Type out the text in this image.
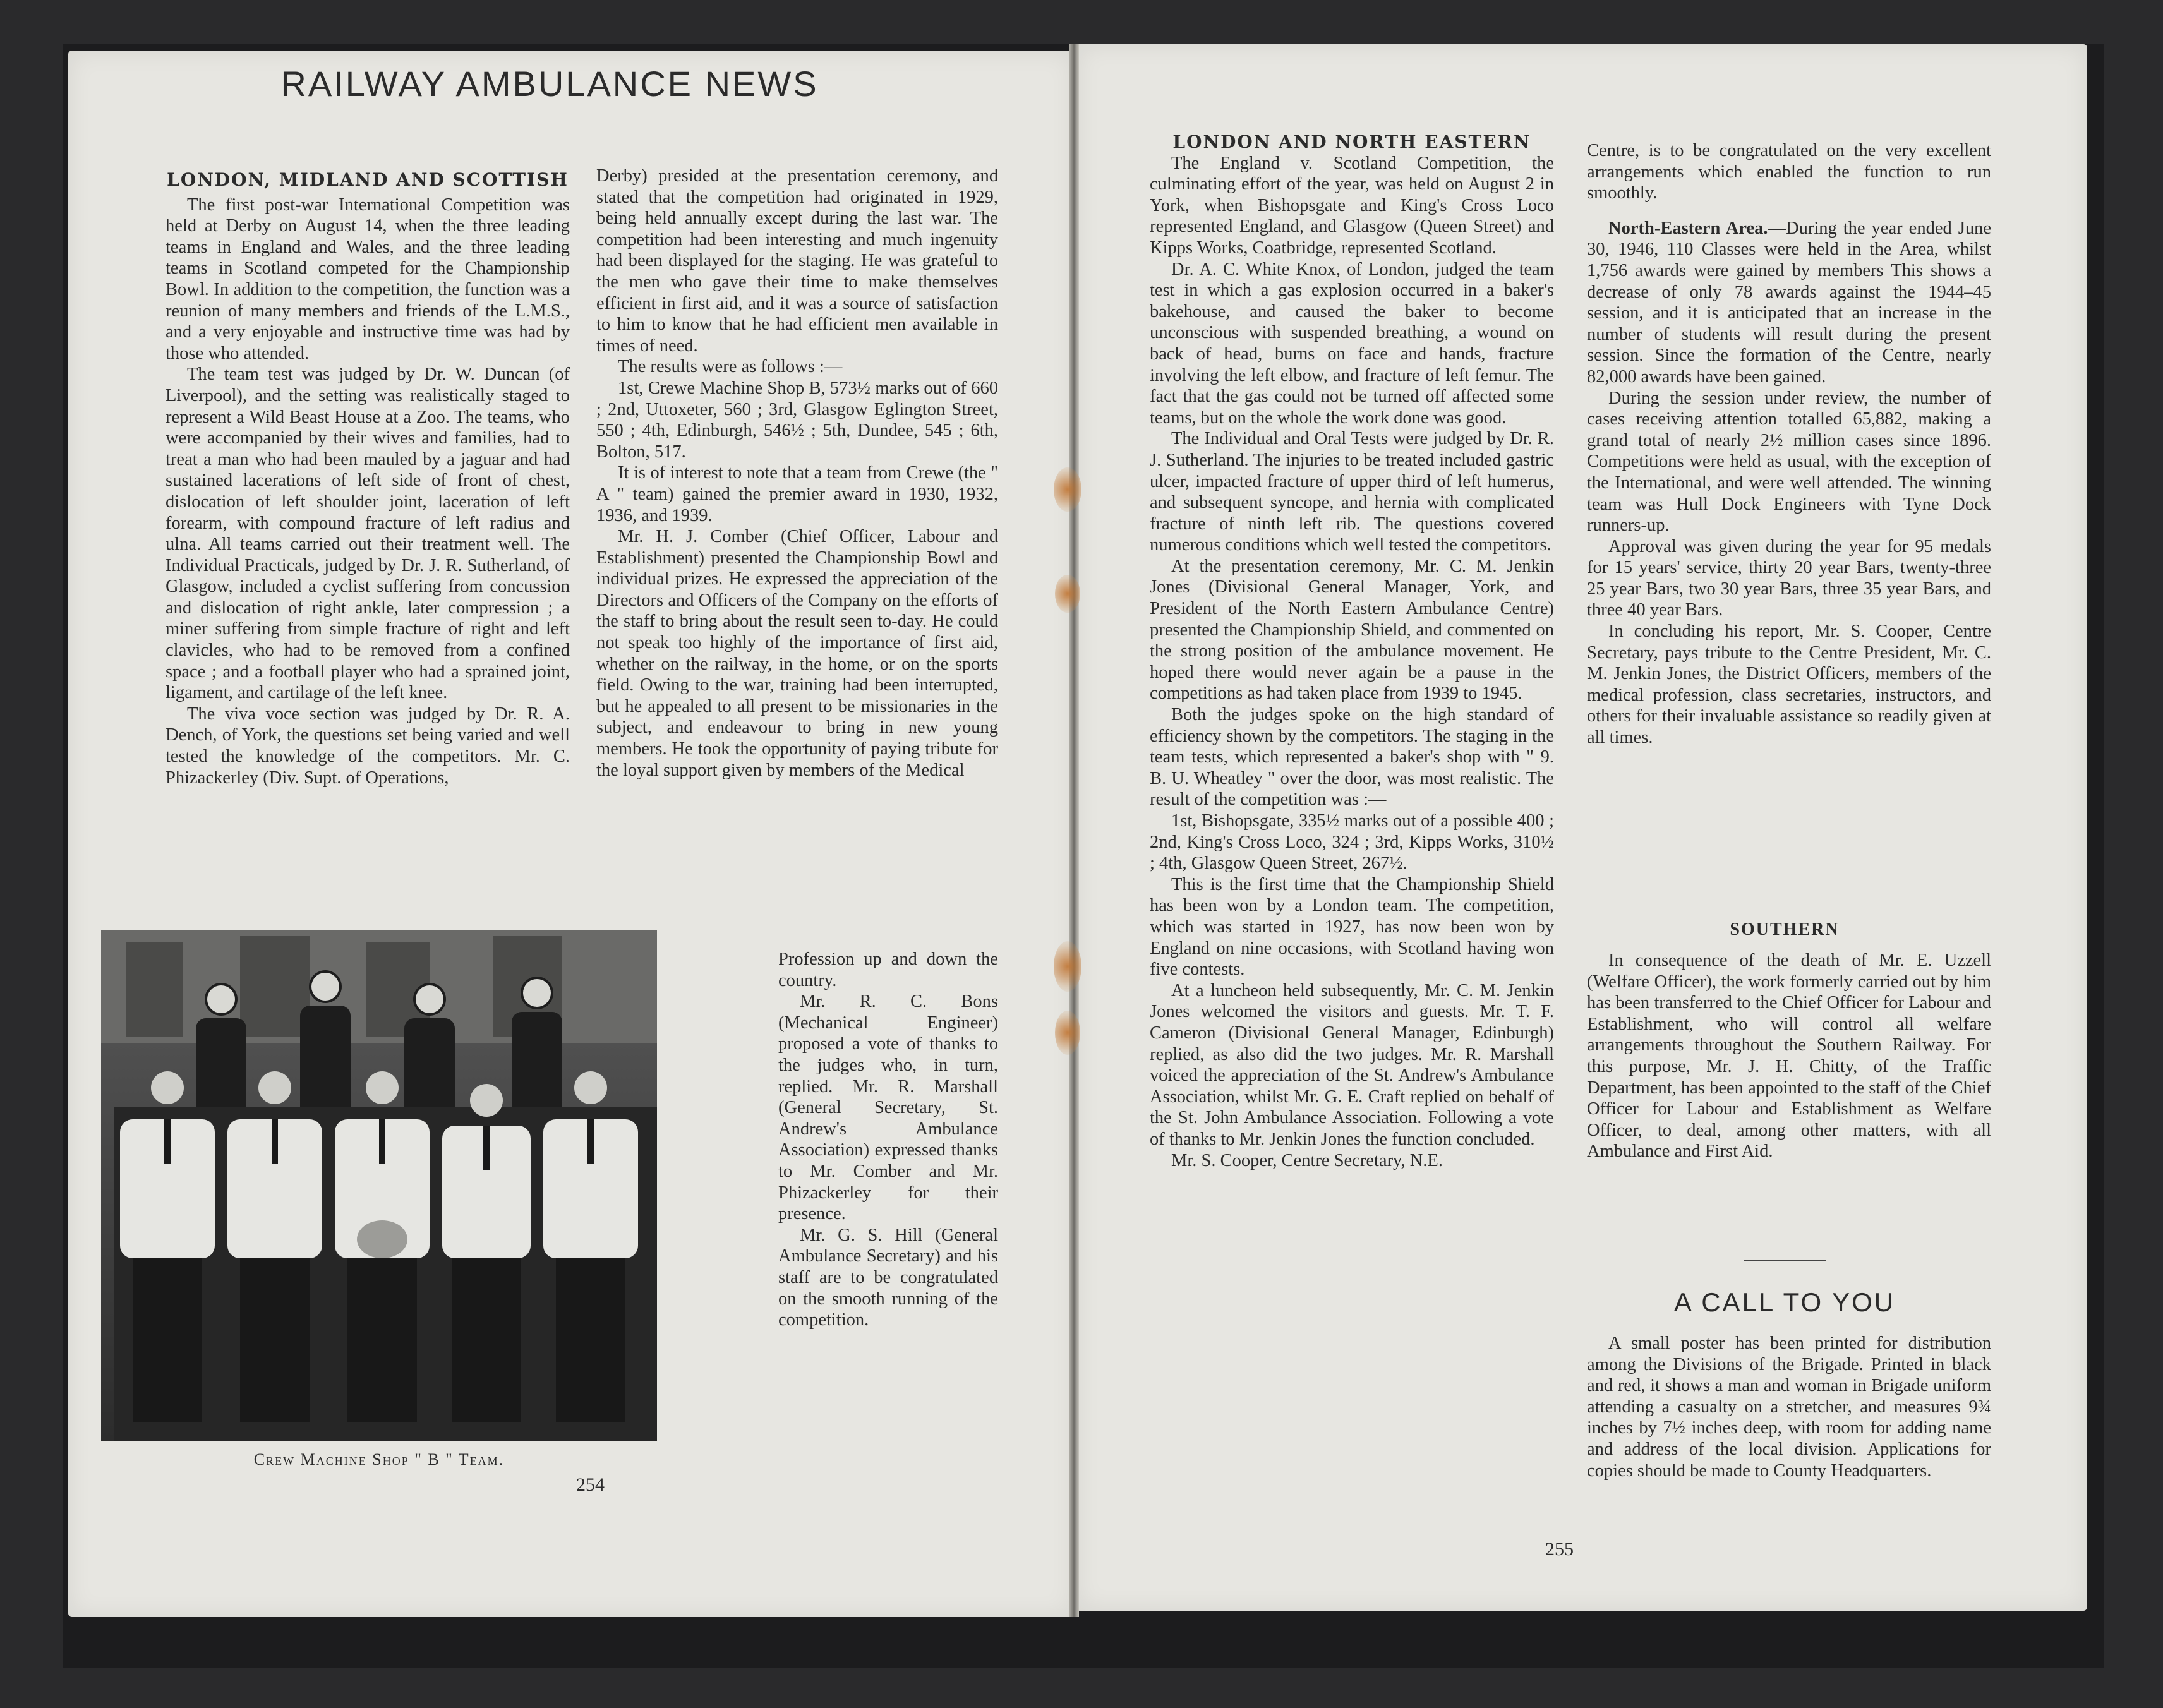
RAILWAY AMBULANCE NEWS
LONDON, MIDLAND AND SCOTTISH

The first post-war International Competition was held at Derby on August 14, when the three leading teams in England and Wales, and the three leading teams in Scotland competed for the Championship Bowl. In addition to the competition, the function was a reunion of many members and friends of the L.M.S., and a very enjoyable and instructive time was had by those who attended.

The team test was judged by Dr. W. Duncan (of Liverpool), and the setting was realistically staged to represent a Wild Beast House at a Zoo. The teams, who were accompanied by their wives and families, had to treat a man who had been mauled by a jaguar and had sustained lacerations of left side of front of chest, dislocation of left shoulder joint, laceration of left forearm, with compound fracture of left radius and ulna. All teams carried out their treatment well. The Individual Practicals, judged by Dr. J. R. Sutherland, of Glasgow, included a cyclist suffering from concussion and dislocation of right ankle, later compression ; a miner suffering from simple fracture of right and left clavicles, who had to be removed from a confined space ; and a football player who had a sprained joint, ligament, and cartilage of the left knee.

The viva voce section was judged by Dr. R. A. Dench, of York, the questions set being varied and well tested the knowledge of the competitors. Mr. C. Phizackerley (Div. Supt. of Operations,

Derby) presided at the presentation ceremony, and stated that the competition had originated in 1929, being held annually except during the last war. The competition had been interesting and much ingenuity had been displayed for the staging. He was grateful to the men who gave their time to make themselves efficient in first aid, and it was a source of satisfaction to him to know that he had efficient men available in times of need.

The results were as follows :—

1st, Crewe Machine Shop B, 573½ marks out of 660 ; 2nd, Uttoxeter, 560 ; 3rd, Glasgow Eglington Street, 550 ; 4th, Edinburgh, 546½ ; 5th, Dundee, 545 ; 6th, Bolton, 517.

It is of interest to note that a team from Crewe (the " A " team) gained the premier award in 1930, 1932, 1936, and 1939.

Mr. H. J. Comber (Chief Officer, Labour and Establishment) presented the Championship Bowl and individual prizes. He expressed the appreciation of the Directors and Officers of the Company on the efforts of the staff to bring about the result seen to-day. He could not speak too highly of the importance of first aid, whether on the railway, in the home, or on the sports field. Owing to the war, training had been interrupted, but he appealed to all present to be missionaries in the subject, and endeavour to bring in new young members. He took the opportunity of paying tribute for the loyal support given by members of the Medical

Profession up and down the country.

Mr. R. C. Bons (Mechanical Engineer) proposed a vote of thanks to the judges who, in turn, replied. Mr. R. Marshall (General Secretary, St. Andrew's Ambulance Association) expressed thanks to Mr. Comber and Mr. Phizackerley for their presence.

Mr. G. S. Hill (General Ambulance Secretary) and his staff are to be congratulated on the smooth running of the competition.

Crew Machine Shop " B " Team.
254
LONDON AND NORTH EASTERN

The England v. Scotland Competition, the culminating effort of the year, was held on August 2 in York, when Bishopsgate and King's Cross Loco represented England, and Glasgow (Queen Street) and Kipps Works, Coatbridge, represented Scotland.

Dr. A. C. White Knox, of London, judged the team test in which a gas explosion occurred in a baker's bakehouse, and caused the baker to become unconscious with suspended breathing, a wound on back of head, burns on face and hands, fracture involving the left elbow, and fracture of left femur. The fact that the gas could not be turned off affected some teams, but on the whole the work done was good.

The Individual and Oral Tests were judged by Dr. R. J. Sutherland. The injuries to be treated included gastric ulcer, impacted fracture of upper third of left humerus, and subsequent syncope, and hernia with complicated fracture of ninth left rib. The questions covered numerous conditions which well tested the competitors.

At the presentation ceremony, Mr. C. M. Jenkin Jones (Divisional General Manager, York, and President of the North Eastern Ambulance Centre) presented the Championship Shield, and commented on the strong position of the ambulance movement. He hoped there would never again be a pause in the competitions as had taken place from 1939 to 1945.

Both the judges spoke on the high standard of efficiency shown by the competitors. The staging in the team tests, which represented a baker's shop with " 9. B. U. Wheatley " over the door, was most realistic. The result of the competition was :—

1st, Bishopsgate, 335½ marks out of a possible 400 ; 2nd, King's Cross Loco, 324 ; 3rd, Kipps Works, 310½ ; 4th, Glasgow Queen Street, 267½.

This is the first time that the Championship Shield has been won by a London team. The competition, which was started in 1927, has now been won by England on nine occasions, with Scotland having won five contests.

At a luncheon held subsequently, Mr. C. M. Jenkin Jones welcomed the visitors and guests. Mr. T. F. Cameron (Divisional General Manager, Edinburgh) replied, as also did the two judges. Mr. R. Marshall voiced the appreciation of the St. Andrew's Ambulance Association, whilst Mr. G. E. Craft replied on behalf of the St. John Ambulance Association. Following a vote of thanks to Mr. Jenkin Jones the function concluded.

Mr. S. Cooper, Centre Secretary, N.E.

Centre, is to be congratulated on the very excellent arrangements which enabled the function to run smoothly.

North-Eastern Area.—During the year ended June 30, 1946, 110 Classes were held in the Area, whilst 1,756 awards were gained by members This shows a decrease of only 78 awards against the 1944–45 session, and it is anticipated that an increase in the number of students will result during the present session. Since the formation of the Centre, nearly 82,000 awards have been gained.

During the session under review, the number of cases receiving attention totalled 65,882, making a grand total of nearly 2½ million cases since 1896. Competitions were held as usual, with the exception of the International, and were well attended. The winning team was Hull Dock Engineers with Tyne Dock runners-up.

Approval was given during the year for 95 medals for 15 years' service, thirty 20 year Bars, twenty-three 25 year Bars, two 30 year Bars, three 35 year Bars, and three 40 year Bars.

In concluding his report, Mr. S. Cooper, Centre Secretary, pays tribute to the Centre President, Mr. C. M. Jenkin Jones, the District Officers, members of the medical profession, class secretaries, instructors, and others for their invaluable assistance so readily given at all times.

SOUTHERN

In consequence of the death of Mr. E. Uzzell (Welfare Officer), the work formerly carried out by him has been transferred to the Chief Officer for Labour and Establishment, who will control all welfare arrangements throughout the Southern Railway. For this purpose, Mr. J. H. Chitty, of the Traffic Department, has been appointed to the staff of the Chief Officer for Labour and Establishment as Welfare Officer, to deal, among other matters, with all Ambulance and First Aid.

A CALL TO YOU

A small poster has been printed for distribution among the Divisions of the Brigade. Printed in black and red, it shows a man and woman in Brigade uniform attending a casualty on a stretcher, and measures 9¾ inches by 7½ inches deep, with room for adding name and address of the local division. Applications for copies should be made to County Headquarters.

255
